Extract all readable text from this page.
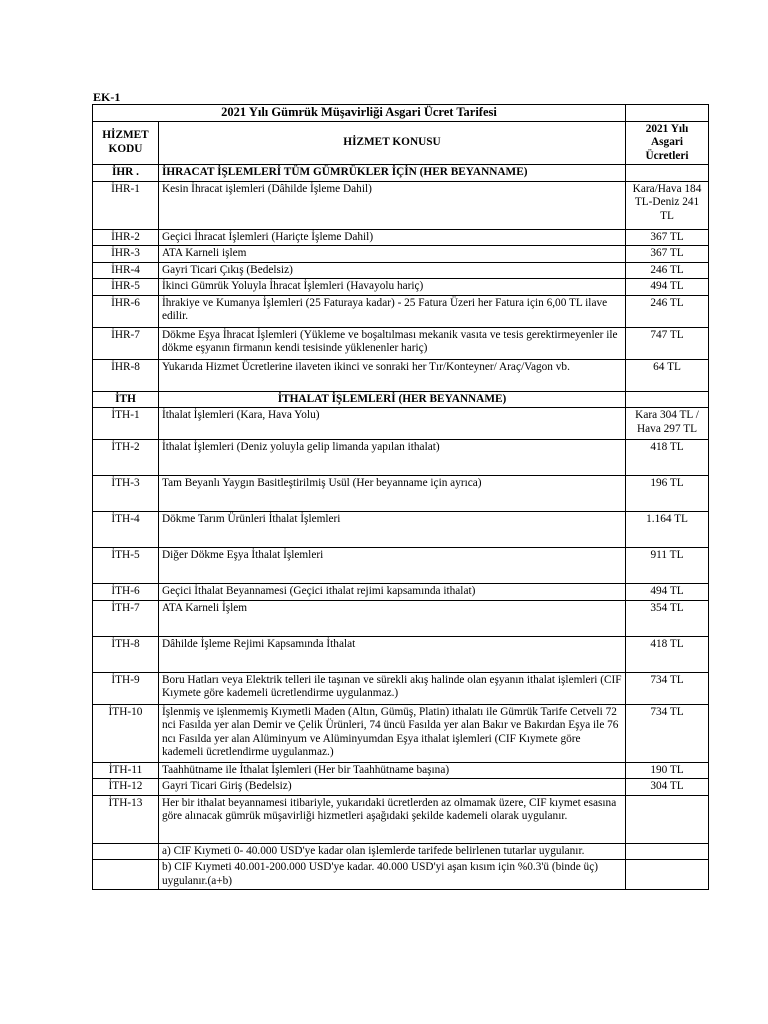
EK-1
2021 Yılı Gümrük Müşavirliği Asgari Ücret Tarifesi		
HİZMET KODU	HİZMET KONUSU	2021 Yılı Asgari Ücretleri
İHR .	İHRACAT İŞLEMLERİ TÜM GÜMRÜKLER İÇİN (HER BEYANNAME)	
İHR-1	Kesin İhracat işlemleri (Dâhilde İşleme Dahil)	Kara/Hava 184 TL-Deniz 241 TL
İHR-2	Geçici İhracat İşlemleri (Hariçte İşleme Dahil)	367 TL
İHR-3	ATA Karneli işlem	367 TL
İHR-4	Gayri Ticari Çıkış (Bedelsiz)	246 TL
İHR-5	İkinci Gümrük Yoluyla İhracat İşlemleri (Havayolu hariç)	494 TL
İHR-6	İhrakiye ve Kumanya İşlemleri (25 Faturaya kadar) - 25 Fatura Üzeri her Fatura için 6,00 TL ilave edilir.	246 TL
İHR-7	Dökme Eşya İhracat İşlemleri (Yükleme ve boşaltılması mekanik vasıta ve tesis gerektirmeyenler ile dökme eşyanın firmanın kendi tesisinde yüklenenler hariç)	747 TL
İHR-8	Yukarıda Hizmet Ücretlerine ilaveten ikinci ve sonraki her Tır/Konteyner/ Araç/Vagon vb.	64 TL
İTH	İTHALAT İŞLEMLERİ (HER BEYANNAME)	
İTH-1	İthalat İşlemleri (Kara, Hava Yolu)	Kara 304 TL / Hava 297 TL
İTH-2	İthalat İşlemleri (Deniz yoluyla gelip limanda yapılan ithalat)	418 TL
İTH-3	Tam Beyanlı Yaygın Basitleştirilmiş Usül (Her beyanname için ayrıca)	196 TL
İTH-4	Dökme Tarım Ürünleri İthalat İşlemleri	1.164 TL
İTH-5	Diğer Dökme Eşya İthalat İşlemleri	911 TL
İTH-6	Geçici İthalat Beyannamesi (Geçici ithalat rejimi kapsamında ithalat)	494 TL
İTH-7	ATA Karneli İşlem	354 TL
İTH-8	Dâhilde İşleme Rejimi Kapsamında İthalat	418 TL
İTH-9	Boru Hatları veya Elektrik telleri ile taşınan ve sürekli akış halinde olan eşyanın ithalat işlemleri (CIF Kıymete göre kademeli ücretlendirme uygulanmaz.)	734 TL
İTH-10	İşlenmiş ve işlenmemiş Kıymetli Maden (Altın, Gümüş, Platin) ithalatı ile Gümrük Tarife Cetveli 72 nci Fasılda yer alan Demir ve Çelik Ürünleri, 74 üncü Fasılda yer alan Bakır ve Bakırdan Eşya ile 76 ncı Fasılda yer alan Alüminyum ve Alüminyumdan Eşya ithalat işlemleri (CIF Kıymete göre kademeli ücretlendirme uygulanmaz.)	734 TL
İTH-11	Taahhütname ile İthalat İşlemleri (Her bir Taahhütname başına)	190 TL
İTH-12	Gayri Ticari Giriş (Bedelsiz)	304 TL
İTH-13	Her bir ithalat beyannamesi itibariyle, yukarıdaki ücretlerden az olmamak üzere, CIF kıymet esasına göre alınacak gümrük müşavirliği hizmetleri aşağıdaki şekilde kademeli olarak uygulanır.	
	a) CIF Kıymeti 0- 40.000 USD'ye kadar olan işlemlerde tarifede belirlenen tutarlar uygulanır.	
	b) CIF Kıymeti 40.001-200.000 USD'ye kadar. 40.000 USD'yi aşan kısım için %0.3'ü (binde üç) uygulanır.(a+b)	
